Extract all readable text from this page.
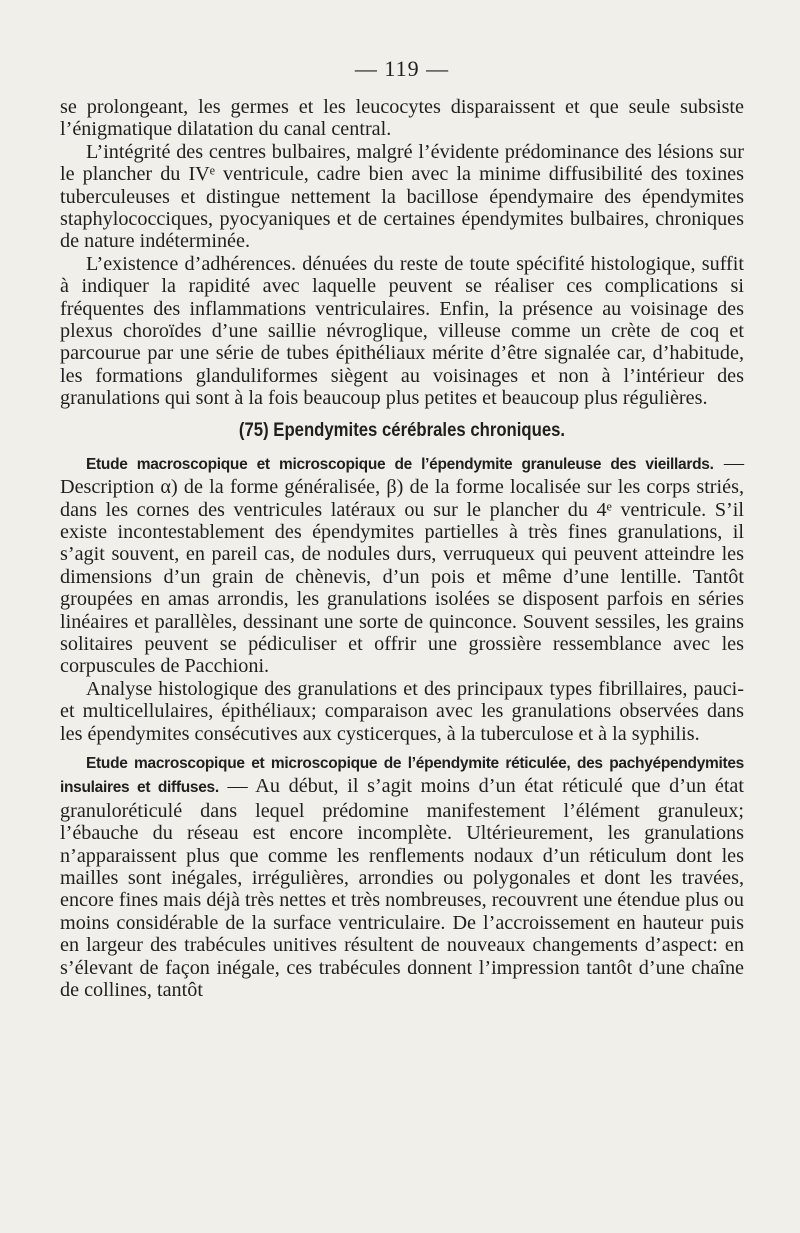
— 119 —

se prolongeant, les germes et les leucocytes disparaissent et que seule subsiste l’énigmatique dilatation du canal central.

L’intégrité des centres bulbaires, malgré l’évidente prédominance des lésions sur le plancher du IVᵉ ventricule, cadre bien avec la minime diffusibilité des toxines tuberculeuses et distingue nettement la bacillose épendymaire des épendymites staphylococciques, pyocyaniques et de certaines épendymites bulbaires, chroniques de nature indéterminée.

L’existence d’adhérences. dénuées du reste de toute spécifité histologique, suffit à indiquer la rapidité avec laquelle peuvent se réaliser ces complications si fréquentes des inflammations ventriculaires. Enfin, la présence au voisinage des plexus choroïdes d’une saillie névroglique, villeuse comme un crète de coq et parcourue par une série de tubes épithéliaux mérite d’être signalée car, d’habitude, les formations glanduliformes siègent au voisinages et non à l’intérieur des granulations qui sont à la fois beaucoup plus petites et beaucoup plus régulières.

(75) Ependymites cérébrales chroniques.

Etude macroscopique et microscopique de l’épendymite granuleuse des vieillards. — Description α) de la forme généralisée, β) de la forme localisée sur les corps striés, dans les cornes des ventricules latéraux ou sur le plancher du 4ᵉ ventricule. S’il existe incontestablement des épendymites partielles à très fines granulations, il s’agit souvent, en pareil cas, de nodules durs, verruqueux qui peuvent atteindre les dimensions d’un grain de chènevis, d’un pois et même d’une lentille. Tantôt groupées en amas arrondis, les granulations isolées se disposent parfois en séries linéaires et parallèles, dessinant une sorte de quinconce. Souvent sessiles, les grains solitaires peuvent se pédiculiser et offrir une grossière ressemblance avec les corpuscules de Pacchioni.

Analyse histologique des granulations et des principaux types fibrillaires, pauci-et multicellulaires, épithéliaux; comparaison avec les granulations observées dans les épendymites consécutives aux cysticerques, à la tuberculose et à la syphilis.

Etude macroscopique et microscopique de l’épendymite réticulée, des pachyépendymites insulaires et diffuses. — Au début, il s’agit moins d’un état réticulé que d’un état granuloréticulé dans lequel prédomine manifestement l’élément granuleux; l’ébauche du réseau est encore incomplète. Ultérieurement, les granulations n’apparaissent plus que comme les renflements nodaux d’un réticulum dont les mailles sont inégales, irrégulières, arrondies ou polygonales et dont les travées, encore fines mais déjà très nettes et très nombreuses, recouvrent une étendue plus ou moins considérable de la surface ventriculaire. De l’accroissement en hauteur puis en largeur des trabécules unitives résultent de nouveaux changements d’aspect: en s’élevant de façon inégale, ces trabécules donnent l’impression tantôt d’une chaîne de collines, tantôt
